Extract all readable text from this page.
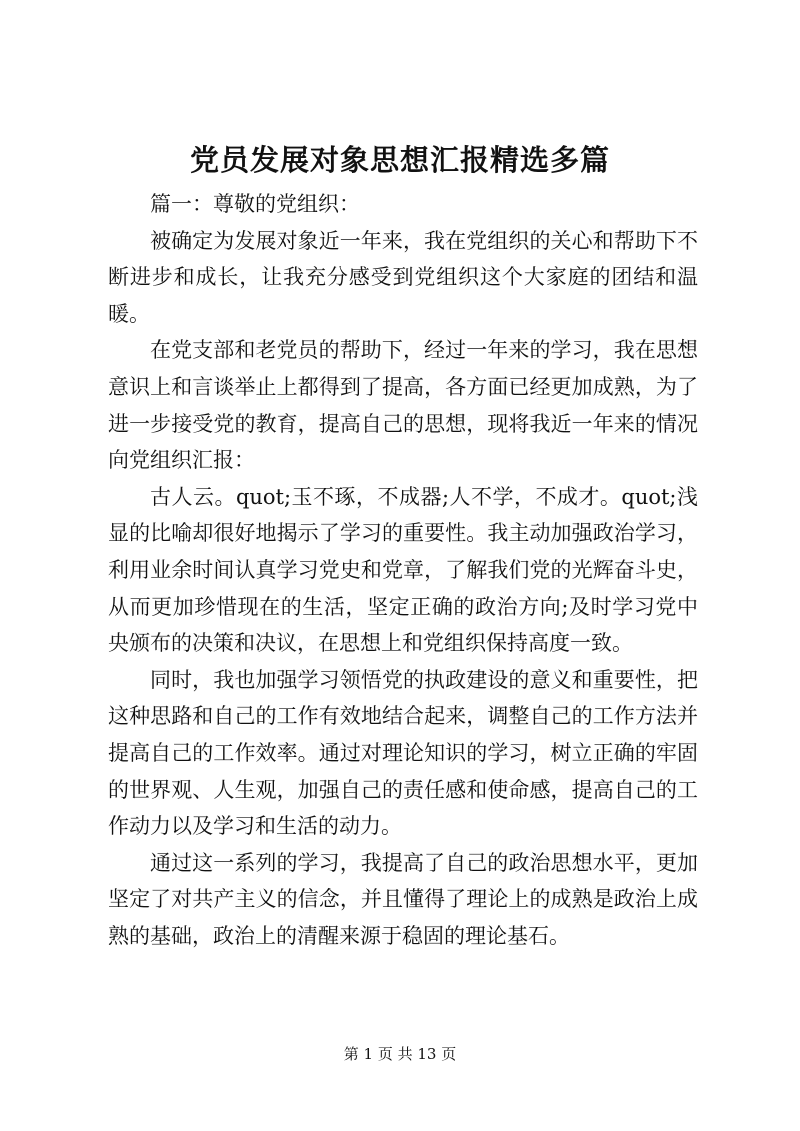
党员发展对象思想汇报精选多篇

篇一：尊敬的党组织：

被确定为发展对象近一年来，我在党组织的关心和帮助下不断进步和成长，让我充分感受到党组织这个大家庭的团结和温暖。

在党支部和老党员的帮助下，经过一年来的学习，我在思想意识上和言谈举止上都得到了提高，各方面已经更加成熟，为了进一步接受党的教育，提高自己的思想，现将我近一年来的情况向党组织汇报：

古人云。quot;玉不琢，不成器;人不学，不成才。quot;浅显的比喻却很好地揭示了学习的重要性。我主动加强政治学习，利用业余时间认真学习党史和党章，了解我们党的光辉奋斗史，从而更加珍惜现在的生活，坚定正确的政治方向;及时学习党中央颁布的决策和决议，在思想上和党组织保持高度一致。

同时，我也加强学习领悟党的执政建设的意义和重要性，把这种思路和自己的工作有效地结合起来，调整自己的工作方法并提高自己的工作效率。通过对理论知识的学习，树立正确的牢固的世界观、人生观，加强自己的责任感和使命感，提高自己的工作动力以及学习和生活的动力。

通过这一系列的学习，我提高了自己的政治思想水平，更加坚定了对共产主义的信念，并且懂得了理论上的成熟是政治上成熟的基础，政治上的清醒来源于稳固的理论基石。

第 1 页 共 13 页
